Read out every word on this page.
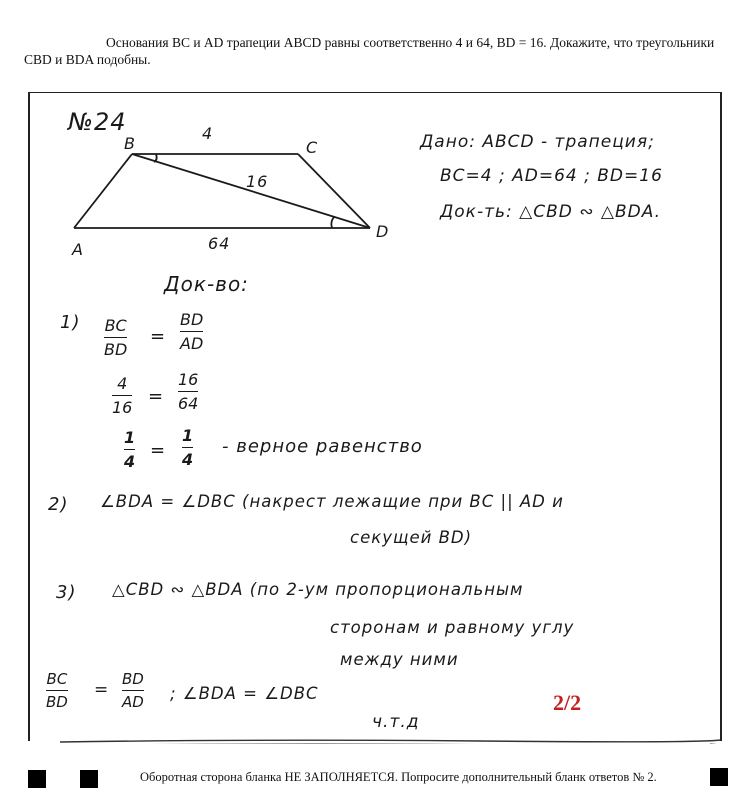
Основания BC и AD трапеции ABCD равны соответственно 4 и 64, BD = 16. Докажите, что треугольники CBD и BDA подобны.

№24
B	C
A
D
4
16
64
Дано: ABCD - трапеция;
BC=4 ; AD=64 ; BD=16
Док-ть: △CBD ∾ △BDA.
Док-во:
1) BC
BD
=
BD
AD
4
16
=
16
64
1
4
=
1
4
- верное равенство
2) ∠BDA = ∠DBC (накрест лежащие при BC || AD и
секущей BD)
3) △CBD ∾ △BDA (по 2-ум пропорциональным
сторонам и равному углу
между ними
BC
BD
=
BD
AD ; ∠BDA = ∠DBC	2/2
ч.т.д
Оборотная сторона бланка НЕ ЗАПОЛНЯЕТСЯ. Попросите дополнительный бланк ответов № 2.
